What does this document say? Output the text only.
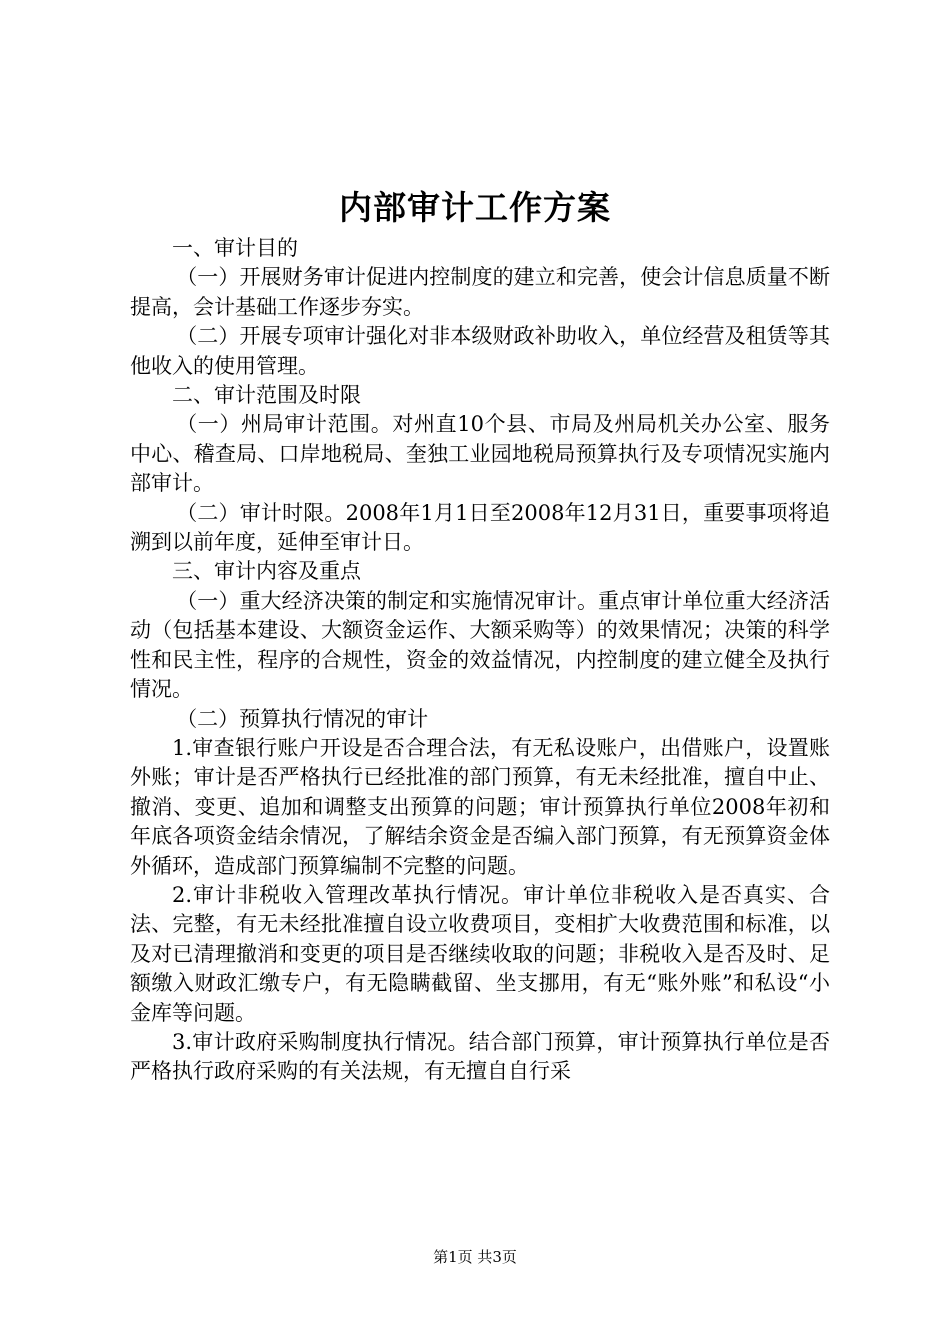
内部审计工作方案

一、审计目的

（一）开展财务审计促进内控制度的建立和完善，使会计信息质量不断提高，会计基础工作逐步夯实。

（二）开展专项审计强化对非本级财政补助收入，单位经营及租赁等其他收入的使用管理。

二、审计范围及时限

（一）州局审计范围。对州直10个县、市局及州局机关办公室、服务中心、稽查局、口岸地税局、奎独工业园地税局预算执行及专项情况实施内部审计。

（二）审计时限。2008年1月1日至2008年12月31日，重要事项将追溯到以前年度，延伸至审计日。

三、审计内容及重点

（一）重大经济决策的制定和实施情况审计。重点审计单位重大经济活动（包括基本建设、大额资金运作、大额采购等）的效果情况；决策的科学性和民主性，程序的合规性，资金的效益情况，内控制度的建立健全及执行情况。

（二）预算执行情况的审计

1.审查银行账户开设是否合理合法，有无私设账户，出借账户，设置账外账；审计是否严格执行已经批准的部门预算，有无未经批准，擅自中止、撤消、变更、追加和调整支出预算的问题；审计预算执行单位2008年初和年底各项资金结余情况，了解结余资金是否编入部门预算，有无预算资金体外循环，造成部门预算编制不完整的问题。

2.审计非税收入管理改革执行情况。审计单位非税收入是否真实、合法、完整，有无未经批准擅自设立收费项目，变相扩大收费范围和标准，以及对已清理撤消和变更的项目是否继续收取的问题；非税收入是否及时、足额缴入财政汇缴专户，有无隐瞒截留、坐支挪用，有无“账外账”和私设“小金库等问题。

3.审计政府采购制度执行情况。结合部门预算，审计预算执行单位是否严格执行政府采购的有关法规，有无擅自自行采

第1页 共3页
